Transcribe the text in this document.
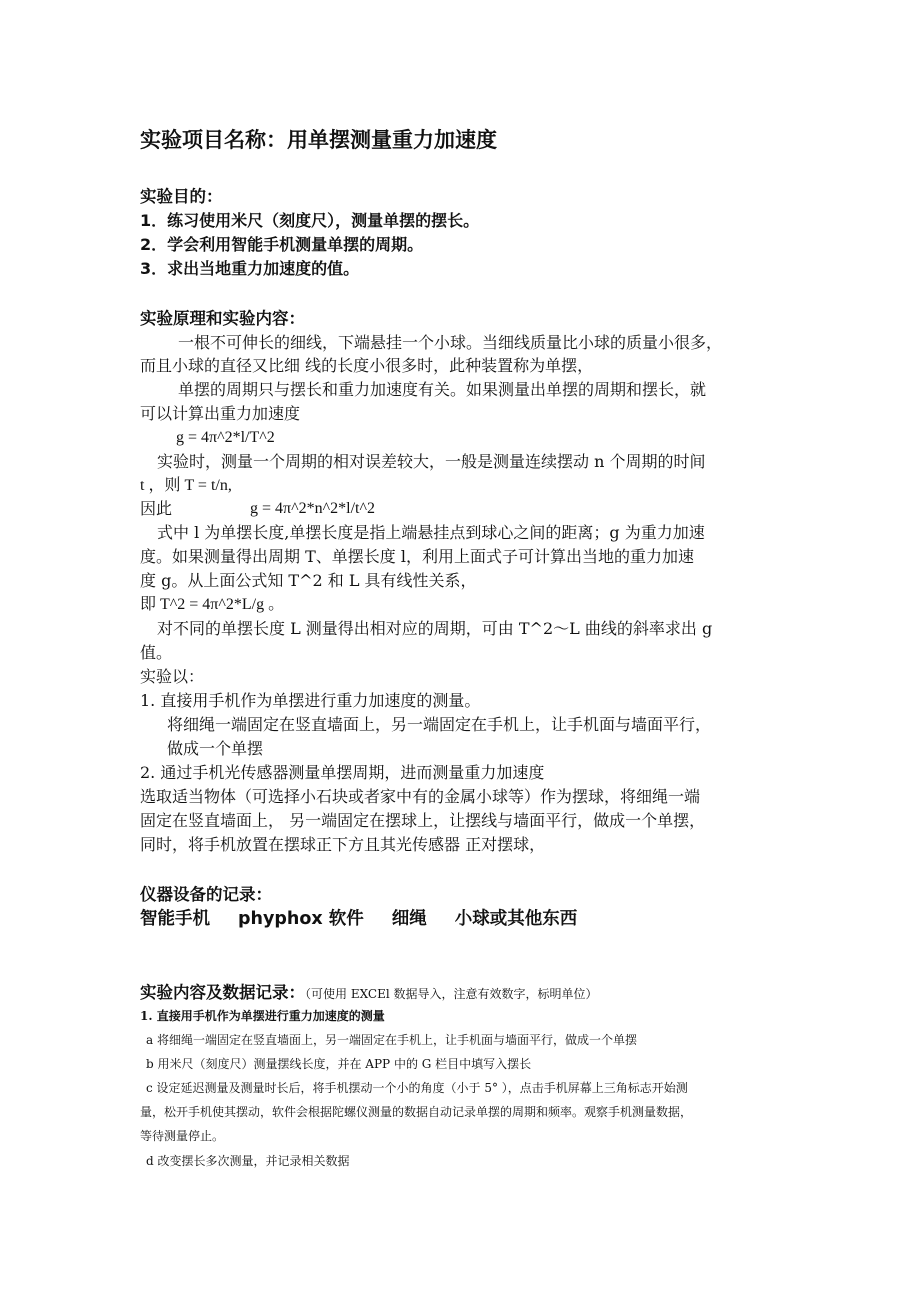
实验项目名称：用单摆测量重力加速度
实验目的：
1．练习使用米尺（刻度尺），测量单摆的摆长。
2．学会利用智能手机测量单摆的周期。
3．求出当地重力加速度的值。
实验原理和实验内容：
一根不可伸长的细线，下端悬挂一个小球。当细线质量比小球的质量小很多，
而且小球的直径又比细 线的长度小很多时，此种装置称为单摆，
单摆的周期只与摆长和重力加速度有关。如果测量出单摆的周期和摆长，就
可以计算出重力加速度
g = 4π^2*l/T^2
实验时，测量一个周期的相对误差较大，一般是测量连续摆动 n 个周期的时间
t ，则 T = t/n,
因此	g = 4π^2*n^2*l/t^2
式中 l 为单摆长度,单摆长度是指上端悬挂点到球心之间的距离；g 为重力加速
度。如果测量得出周期 T、单摆长度 l，利用上面式子可计算出当地的重力加速
度 g。从上面公式知 T^2 和 L 具有线性关系，
即 T^2 = 4π^2*L/g 。
对不同的单摆长度 L 测量得出相对应的周期，可由 T^2～L 曲线的斜率求出 g
值。
实验以：
1. 直接用手机作为单摆进行重力加速度的测量。
将细绳一端固定在竖直墙面上，另一端固定在手机上，让手机面与墙面平行，
做成一个单摆
2. 通过手机光传感器测量单摆周期，进而测量重力加速度
选取适当物体（可选择小石块或者家中有的金属小球等）作为摆球，将细绳一端
固定在竖直墙面上， 另一端固定在摆球上，让摆线与墙面平行，做成一个单摆，
同时，将手机放置在摆球正下方且其光传感器 正对摆球，
仪器设备的记录：
智能手机 phyphox 软件 细绳 小球或其他东西
实验内容及数据记录：（可使用 EXCEl 数据导入，注意有效数字，标明单位）
1. 直接用手机作为单摆进行重力加速度的测量
a 将细绳一端固定在竖直墙面上，另一端固定在手机上，让手机面与墙面平行，做成一个单摆
b 用米尺（刻度尺）测量摆线长度，并在 APP 中的 G 栏目中填写入摆长
c 设定延迟测量及测量时长后，将手机摆动一个小的角度（小于 5° ），点击手机屏幕上三角标志开始测
量，松开手机使其摆动，软件会根据陀螺仪测量的数据自动记录单摆的周期和频率。观察手机测量数据，
等待测量停止。
d 改变摆长多次测量，并记录相关数据
